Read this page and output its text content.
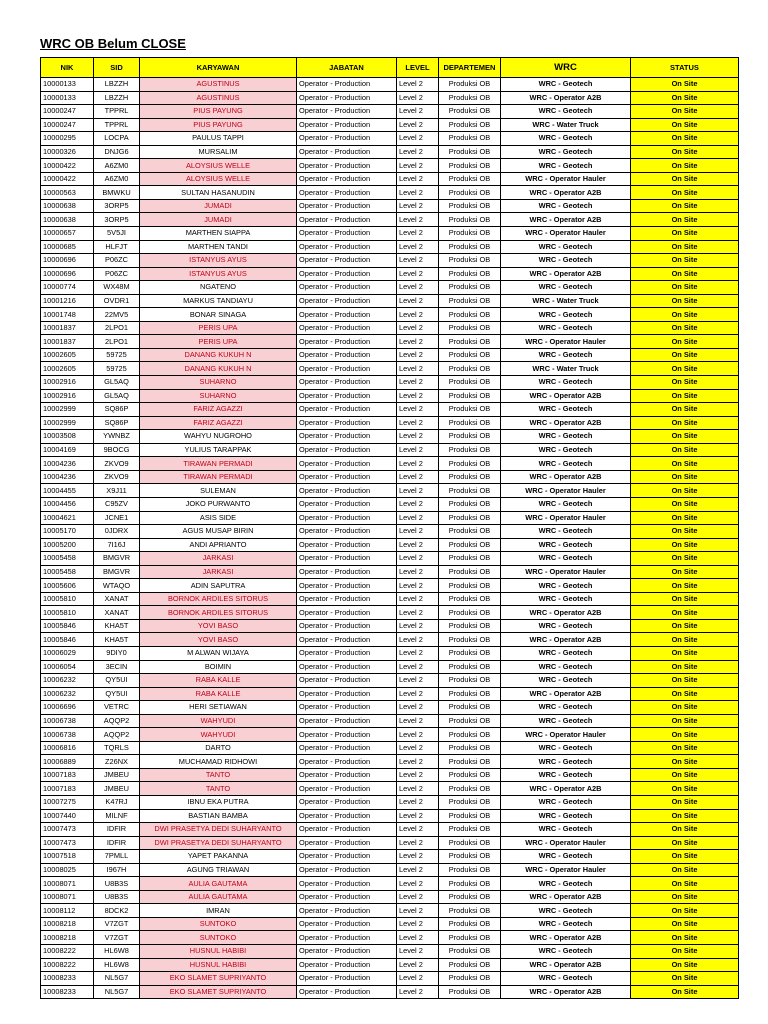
WRC OB Belum CLOSE
NIK	SID	KARYAWAN	JABATAN	LEVEL	DEPARTEMEN	WRC	STATUS
10000133	LBZZH	AGUSTINUS	Operator - Production	Level 2	Produksi OB	WRC - Geotech	On Site
10000133	LBZZH	AGUSTINUS	Operator - Production	Level 2	Produksi OB	WRC - Operator A2B	On Site
10000247	TPPRL	PIUS PAYUNG	Operator - Production	Level 2	Produksi OB	WRC - Geotech	On Site
10000247	TPPRL	PIUS PAYUNG	Operator - Production	Level 2	Produksi OB	WRC - Water Truck	On Site
10000295	LOCPA	PAULUS TAPPI	Operator - Production	Level 2	Produksi OB	WRC - Geotech	On Site
10000326	DNJG6	MURSALIM	Operator - Production	Level 2	Produksi OB	WRC - Geotech	On Site
10000422	A6ZM0	ALOYSIUS WELLE	Operator - Production	Level 2	Produksi OB	WRC - Geotech	On Site
10000422	A6ZM0	ALOYSIUS WELLE	Operator - Production	Level 2	Produksi OB	WRC - Operator Hauler	On Site
10000563	BMWKU	SULTAN HASANUDIN	Operator - Production	Level 2	Produksi OB	WRC - Operator A2B	On Site
10000638	3ORP5	JUMADI	Operator - Production	Level 2	Produksi OB	WRC - Geotech	On Site
10000638	3ORP5	JUMADI	Operator - Production	Level 2	Produksi OB	WRC - Operator A2B	On Site
10000657	5V5JI	MARTHEN SIAPPA	Operator - Production	Level 2	Produksi OB	WRC - Operator Hauler	On Site
10000685	HLFJT	MARTHEN TANDI	Operator - Production	Level 2	Produksi OB	WRC - Geotech	On Site
10000696	P06ZC	ISTANYUS AYUS	Operator - Production	Level 2	Produksi OB	WRC - Geotech	On Site
10000696	P06ZC	ISTANYUS AYUS	Operator - Production	Level 2	Produksi OB	WRC - Operator A2B	On Site
10000774	WX48M	NGATENO	Operator - Production	Level 2	Produksi OB	WRC - Geotech	On Site
10001216	OVDR1	MARKUS TANDIAYU	Operator - Production	Level 2	Produksi OB	WRC - Water Truck	On Site
10001748	22MV5	BONAR SINAGA	Operator - Production	Level 2	Produksi OB	WRC - Geotech	On Site
10001837	2LPO1	PERIS UPA	Operator - Production	Level 2	Produksi OB	WRC - Geotech	On Site
10001837	2LPO1	PERIS UPA	Operator - Production	Level 2	Produksi OB	WRC - Operator Hauler	On Site
10002605	59725	DANANG KUKUH N	Operator - Production	Level 2	Produksi OB	WRC - Geotech	On Site
10002605	59725	DANANG KUKUH N	Operator - Production	Level 2	Produksi OB	WRC - Water Truck	On Site
10002916	GL5AQ	SUHARNO	Operator - Production	Level 2	Produksi OB	WRC - Geotech	On Site
10002916	GL5AQ	SUHARNO	Operator - Production	Level 2	Produksi OB	WRC - Operator A2B	On Site
10002999	SQ86P	FARIZ AGAZZI	Operator - Production	Level 2	Produksi OB	WRC - Geotech	On Site
10002999	SQ86P	FARIZ AGAZZI	Operator - Production	Level 2	Produksi OB	WRC - Operator A2B	On Site
10003508	YWNBZ	WAHYU NUGROHO	Operator - Production	Level 2	Produksi OB	WRC - Geotech	On Site
10004169	9BOCG	YULIUS TARAPPAK	Operator - Production	Level 2	Produksi OB	WRC - Geotech	On Site
10004236	ZKVO9	TIRAWAN PERMADI	Operator - Production	Level 2	Produksi OB	WRC - Geotech	On Site
10004236	ZKVO9	TIRAWAN PERMADI	Operator - Production	Level 2	Produksi OB	WRC - Operator A2B	On Site
10004455	X9J11	SULEMAN	Operator - Production	Level 2	Produksi OB	WRC - Operator Hauler	On Site
10004456	C95ZV	JOKO PURWANTO	Operator - Production	Level 2	Produksi OB	WRC - Geotech	On Site
10004621	JCNE1	ASIS SIDE	Operator - Production	Level 2	Produksi OB	WRC - Operator Hauler	On Site
10005170	0JDRX	AGUS MUSAP BIRIN	Operator - Production	Level 2	Produksi OB	WRC - Geotech	On Site
10005200	7I16J	ANDI APRIANTO	Operator - Production	Level 2	Produksi OB	WRC - Geotech	On Site
10005458	BMGVR	JARKASI	Operator - Production	Level 2	Produksi OB	WRC - Geotech	On Site
10005458	BMGVR	JARKASI	Operator - Production	Level 2	Produksi OB	WRC - Operator Hauler	On Site
10005606	WTAQO	ADIN SAPUTRA	Operator - Production	Level 2	Produksi OB	WRC - Geotech	On Site
10005810	XANAT	BORNOK ARDILES SITORUS	Operator - Production	Level 2	Produksi OB	WRC - Geotech	On Site
10005810	XANAT	BORNOK ARDILES SITORUS	Operator - Production	Level 2	Produksi OB	WRC - Operator A2B	On Site
10005846	KHA5T	YOVI BASO	Operator - Production	Level 2	Produksi OB	WRC - Geotech	On Site
10005846	KHA5T	YOVI BASO	Operator - Production	Level 2	Produksi OB	WRC - Operator A2B	On Site
10006029	9DIY0	M ALWAN WIJAYA	Operator - Production	Level 2	Produksi OB	WRC - Geotech	On Site
10006054	3ECIN	BOIMIN	Operator - Production	Level 2	Produksi OB	WRC - Geotech	On Site
10006232	QY5UI	RABA KALLE	Operator - Production	Level 2	Produksi OB	WRC - Geotech	On Site
10006232	QY5UI	RABA KALLE	Operator - Production	Level 2	Produksi OB	WRC - Operator A2B	On Site
10006696	VETRC	HERI SETIAWAN	Operator - Production	Level 2	Produksi OB	WRC - Geotech	On Site
10006738	AQQP2	WAHYUDI	Operator - Production	Level 2	Produksi OB	WRC - Geotech	On Site
10006738	AQQP2	WAHYUDI	Operator - Production	Level 2	Produksi OB	WRC - Operator Hauler	On Site
10006816	TQRLS	DARTO	Operator - Production	Level 2	Produksi OB	WRC - Geotech	On Site
10006889	Z26NX	MUCHAMAD RIDHOWI	Operator - Production	Level 2	Produksi OB	WRC - Geotech	On Site
10007183	JMBEU	TANTO	Operator - Production	Level 2	Produksi OB	WRC - Geotech	On Site
10007183	JMBEU	TANTO	Operator - Production	Level 2	Produksi OB	WRC - Operator A2B	On Site
10007275	K47RJ	IBNU EKA PUTRA	Operator - Production	Level 2	Produksi OB	WRC - Geotech	On Site
10007440	MILNF	BASTIAN BAMBA	Operator - Production	Level 2	Produksi OB	WRC - Geotech	On Site
10007473	IDFIR	DWI PRASETYA DEDI SUHARYANTO	Operator - Production	Level 2	Produksi OB	WRC - Geotech	On Site
10007473	IDFIR	DWI PRASETYA DEDI SUHARYANTO	Operator - Production	Level 2	Produksi OB	WRC - Operator Hauler	On Site
10007518	7PMLL	YAPET PAKANNA	Operator - Production	Level 2	Produksi OB	WRC - Geotech	On Site
10008025	I967H	AGUNG TRIAWAN	Operator - Production	Level 2	Produksi OB	WRC - Operator Hauler	On Site
10008071	U8B3S	AULIA GAUTAMA	Operator - Production	Level 2	Produksi OB	WRC - Geotech	On Site
10008071	U8B3S	AULIA GAUTAMA	Operator - Production	Level 2	Produksi OB	WRC - Operator A2B	On Site
10008112	8DCK2	IMRAN	Operator - Production	Level 2	Produksi OB	WRC - Geotech	On Site
10008218	V7ZGT	SUNTOKO	Operator - Production	Level 2	Produksi OB	WRC - Geotech	On Site
10008218	V7ZGT	SUNTOKO	Operator - Production	Level 2	Produksi OB	WRC - Operator A2B	On Site
10008222	HL6W8	HUSNUL HABIBI	Operator - Production	Level 2	Produksi OB	WRC - Geotech	On Site
10008222	HL6W8	HUSNUL HABIBI	Operator - Production	Level 2	Produksi OB	WRC - Operator A2B	On Site
10008233	NL5G7	EKO SLAMET SUPRIYANTO	Operator - Production	Level 2	Produksi OB	WRC - Geotech	On Site
10008233	NL5G7	EKO SLAMET SUPRIYANTO	Operator - Production	Level 2	Produksi OB	WRC - Operator A2B	On Site
